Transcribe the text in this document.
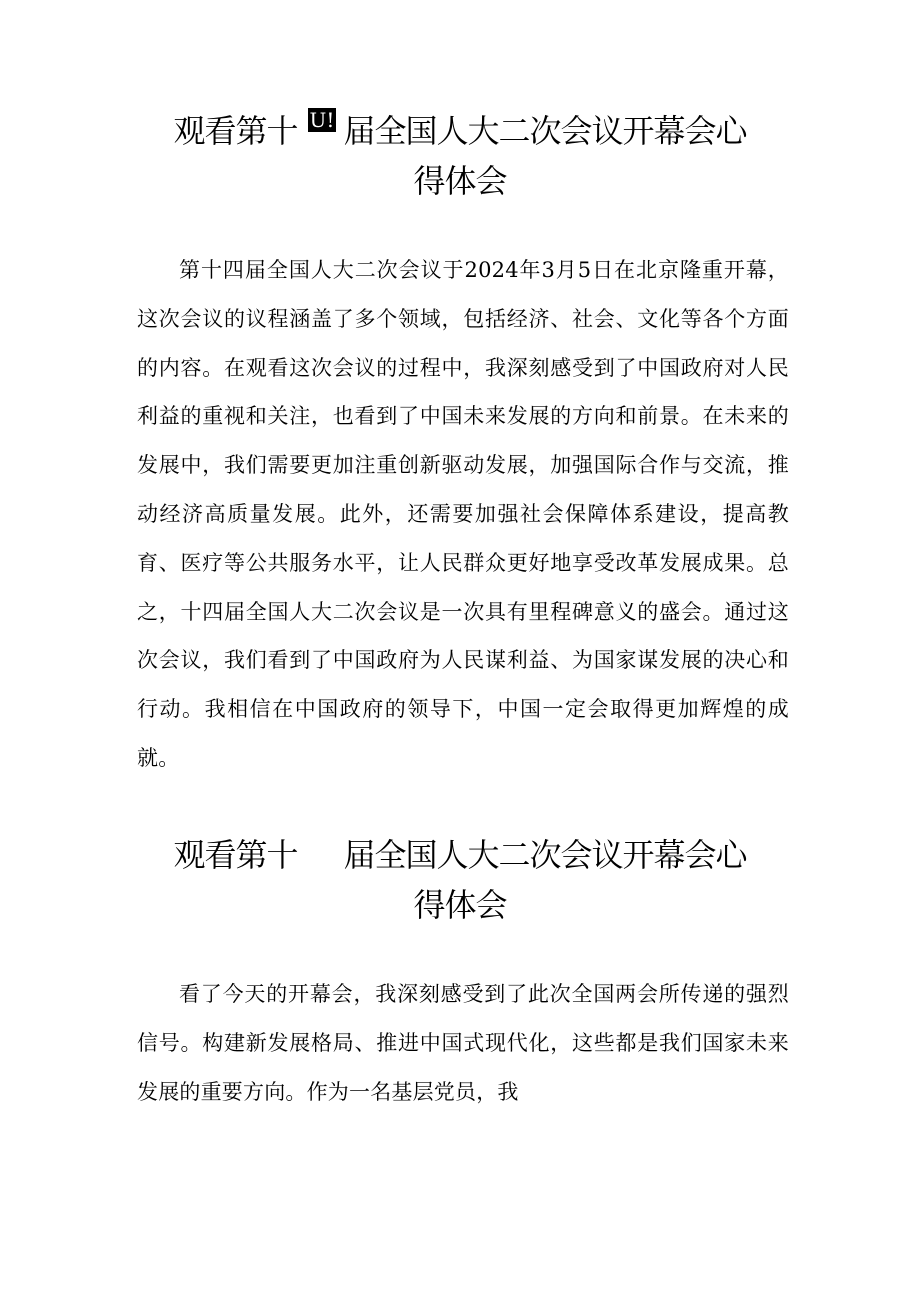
观看第十 U! 届全国人大二次会议开幕会心
得体会

第十四届全国人大二次会议于2024年3月5日在北京隆重开幕，这次会议的议程涵盖了多个领域，包括经济、社会、文化等各个方面的内容。在观看这次会议的过程中，我深刻感受到了中国政府对人民利益的重视和关注，也看到了中国未来发展的方向和前景。在未来的发展中，我们需要更加注重创新驱动发展，加强国际合作与交流，推动经济高质量发展。此外，还需要加强社会保障体系建设，提高教育、医疗等公共服务水平，让人民群众更好地享受改革发展成果。总之，十四届全国人大二次会议是一次具有里程碑意义的盛会。通过这次会议，我们看到了中国政府为人民谋利益、为国家谋发展的决心和行动。我相信在中国政府的领导下，中国一定会取得更加辉煌的成就。

观看第十 届全国人大二次会议开幕会心
得体会

看了今天的开幕会，我深刻感受到了此次全国两会所传递的强烈信号。构建新发展格局、推进中国式现代化，这些都是我们国家未来发展的重要方向。作为一名基层党员，我
